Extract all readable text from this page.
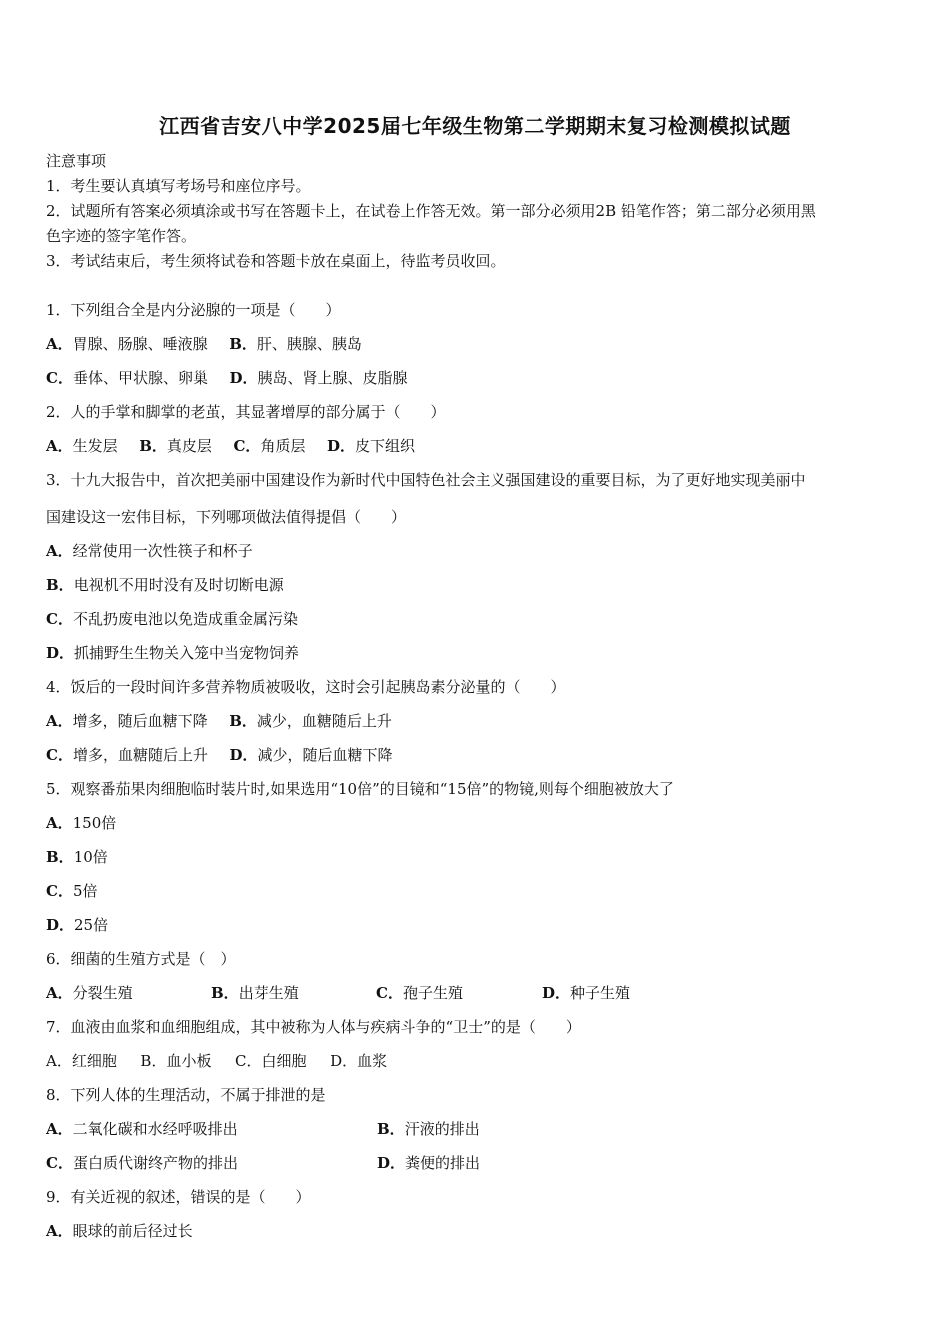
江西省吉安八中学2025届七年级生物第二学期期末复习检测模拟试题
注意事项
1．考生要认真填写考场号和座位序号。
2．试题所有答案必须填涂或书写在答题卡上，在试卷上作答无效。第一部分必须用2B 铅笔作答；第二部分必须用黑
色字迹的签字笔作答。
3．考试结束后，考生须将试卷和答题卡放在桌面上，待监考员收回。
1．下列组合全是内分泌腺的一项是（　　）
A．胃腺、肠腺、唾液腺 B．肝、胰腺、胰岛
C．垂体、甲状腺、卵巢 D．胰岛、肾上腺、皮脂腺
2．人的手掌和脚掌的老茧，其显著增厚的部分属于（　　）
A．生发层 B．真皮层 C．角质层 D．皮下组织
3．十九大报告中，首次把美丽中国建设作为新时代中国特色社会主义强国建设的重要目标，为了更好地实现美丽中
国建设这一宏伟目标，下列哪项做法值得提倡（　　）
A．经常使用一次性筷子和杯子
B．电视机不用时没有及时切断电源
C．不乱扔废电池以免造成重金属污染
D．抓捕野生生物关入笼中当宠物饲养
4．饭后的一段时间许多营养物质被吸收，这时会引起胰岛素分泌量的（　　）
A．增多，随后血糖下降 B．减少，血糖随后上升
C．增多，血糖随后上升 D．减少，随后血糖下降
5．观察番茄果肉细胞临时装片时,如果选用“10倍”的目镜和“15倍”的物镜,则每个细胞被放大了
A．150倍
B．10倍
C．5倍
D．25倍
6．细菌的生殖方式是（　）
A．分裂生殖	B．出芽生殖	C．孢子生殖	D．种子生殖
7．血液由血浆和血细胞组成，其中被称为人体与疾病斗争的“卫士”的是（　　）
A．红细胞 B．血小板 C．白细胞 D．血浆
8．下列人体的生理活动，不属于排泄的是
A．二氧化碳和水经呼吸排出	B．汗液的排出
C．蛋白质代谢终产物的排出	D．粪便的排出
9．有关近视的叙述，错误的是（　　）
A．眼球的前后径过长
